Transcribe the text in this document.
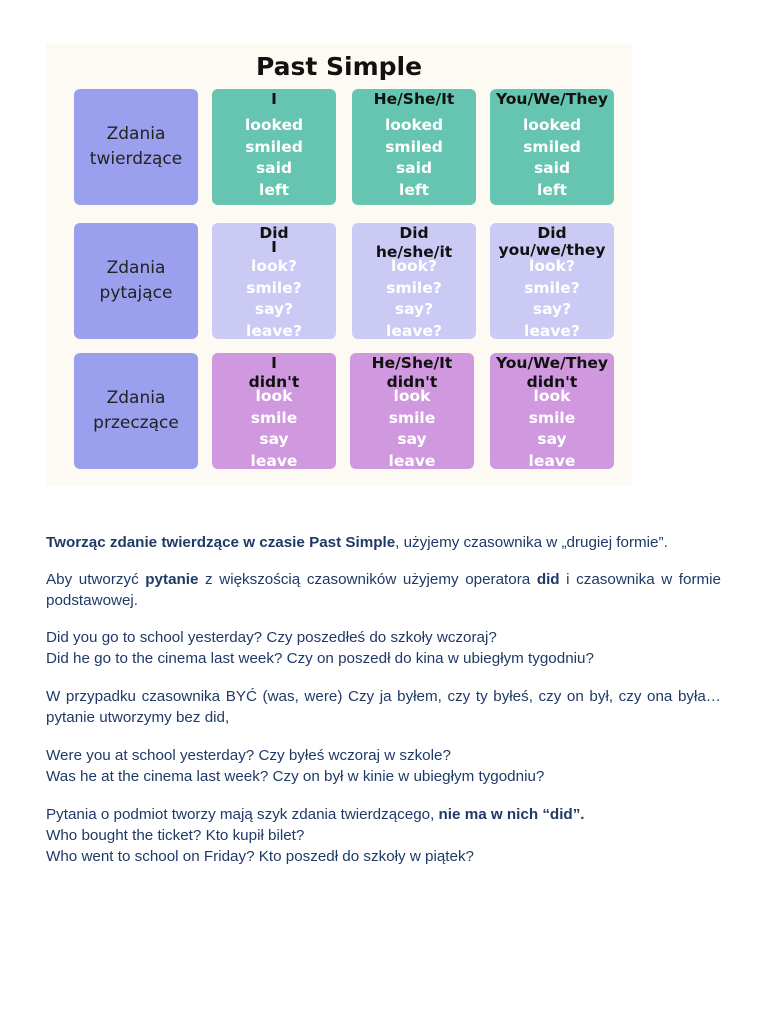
Past Simple
Zdania
twierdzące
I
looked
smiled
said
left
He/She/It
looked
smiled
said
left
You/We/They
looked
smiled
said
left
Zdania
pytające
Did
I
look?
smile?
say?
leave?
Did
he/she/it
look?
smile?
say?
leave?
Did
you/we/they
look?
smile?
say?
leave?
Zdania
przeczące
I
didn't
look
smile
say
leave
He/She/It
didn't
look
smile
say
leave
You/We/They
didn't
look
smile
say
leave

Tworząc zdanie twierdzące w czasie Past Simple, użyjemy czasownika w „drugiej formie”.

Aby utworzyć pytanie z większością czasowników użyjemy operatora did i czasownika w formie podstawowej.

Did you go to school yesterday? Czy poszedłeś do szkoły wczoraj?

Did he go to the cinema last week? Czy on poszedł do kina w ubiegłym tygodniu?

W przypadku czasownika BYĆ (was, were) Czy ja byłem, czy ty byłeś, czy on był, czy ona była…pytanie utworzymy bez did,

Were you at school yesterday? Czy byłeś wczoraj w szkole?

Was he at the cinema last week? Czy on był w kinie w ubiegłym tygodniu?

Pytania o podmiot tworzy mają szyk zdania twierdzącego, nie ma w nich “did”.

Who bought the ticket? Kto kupił bilet?

Who went to school on Friday? Kto poszedł do szkoły w piątek?
